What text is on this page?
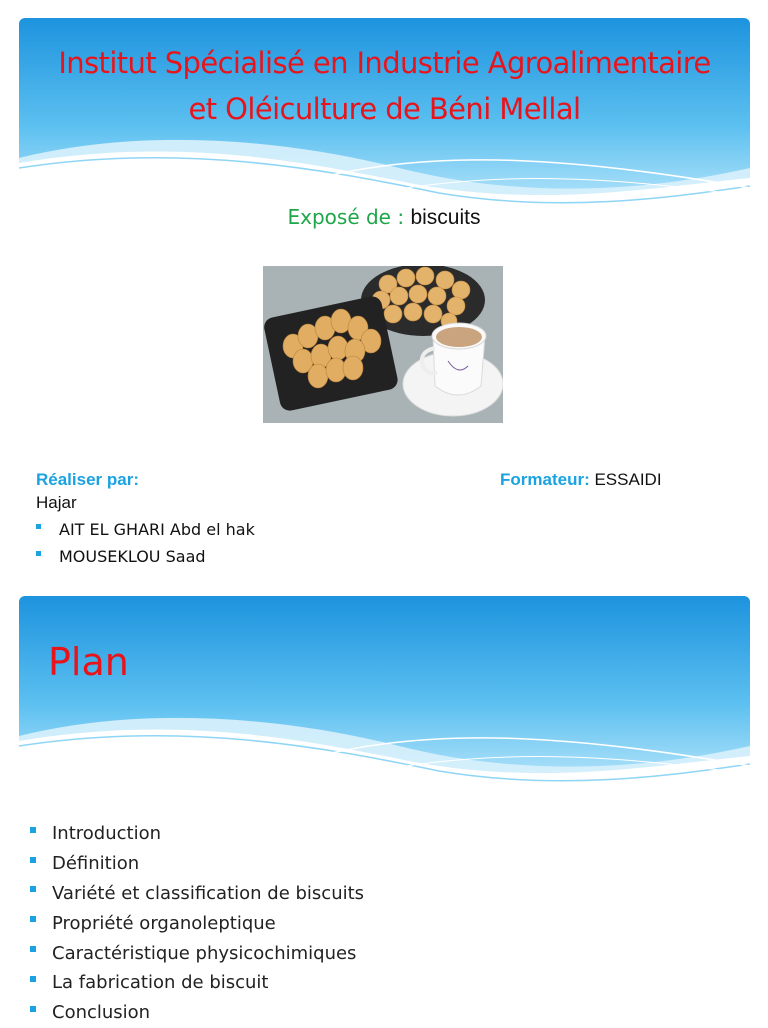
Institut Spécialisé en Industrie Agroalimentaire
et Oléiculture de Béni Mellal
Exposé de : biscuits
Réaliser par:	Formateur: ESSAIDI
Hajar
AIT EL GHARI Abd el hak
MOUSEKLOU Saad
Plan
Introduction
Définition
Variété et classification de biscuits
Propriété organoleptique
Caractéristique physicochimiques
La fabrication de biscuit
Conclusion
